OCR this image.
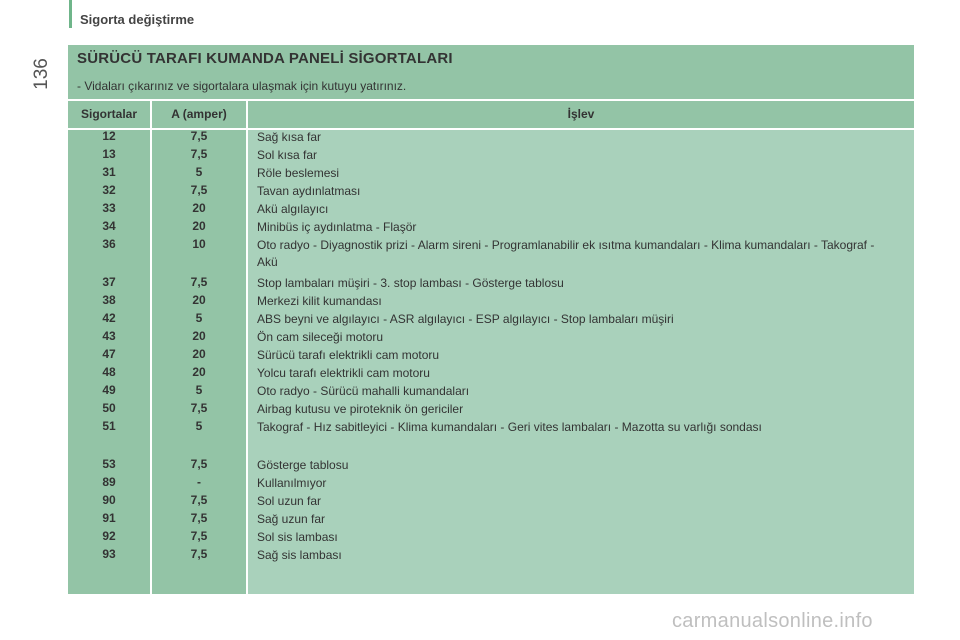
Sigorta değiştirme
136 SÜRÜCÜ TARAFI KUMANDA PANELİ SİGORTALARI
- Vidaları çıkarınız ve sigortalara ulaşmak için kutuyu yatırınız.
Sigortalar	A (amper)	İşlev
12	7,5	Sağ kısa far
13	7,5	Sol kısa far
31	5	Röle beslemesi
32	7,5	Tavan aydınlatması
33	20	Akü algılayıcı
34	20	Minibüs iç aydınlatma - Flaşör
36	10	Oto radyo - Diyagnostik prizi - Alarm sireni - Programlanabilir ek ısıtma kumandaları - Klima kumandaları - Takograf - Akü
37	7,5	Stop lambaları müşiri - 3. stop lambası - Gösterge tablosu
38	20	Merkezi kilit kumandası
42	5	ABS beyni ve algılayıcı - ASR algılayıcı - ESP algılayıcı - Stop lambaları müşiri
43	20	Ön cam sileceği motoru
47	20	Sürücü tarafı elektrikli cam motoru
48	20	Yolcu tarafı elektrikli cam motoru
49	5	Oto radyo - Sürücü mahalli kumandaları
50	7,5	Airbag kutusu ve piroteknik ön gericiler
51	5	Takograf - Hız sabitleyici - Klima kumandaları - Geri vites lambaları - Mazotta su varlığı sondası
53	7,5	Gösterge tablosu
89	-	Kullanılmıyor
90	7,5	Sol uzun far
91	7,5	Sağ uzun far
92	7,5	Sol sis lambası
93	7,5	Sağ sis lambası
carmanualsonline.info
